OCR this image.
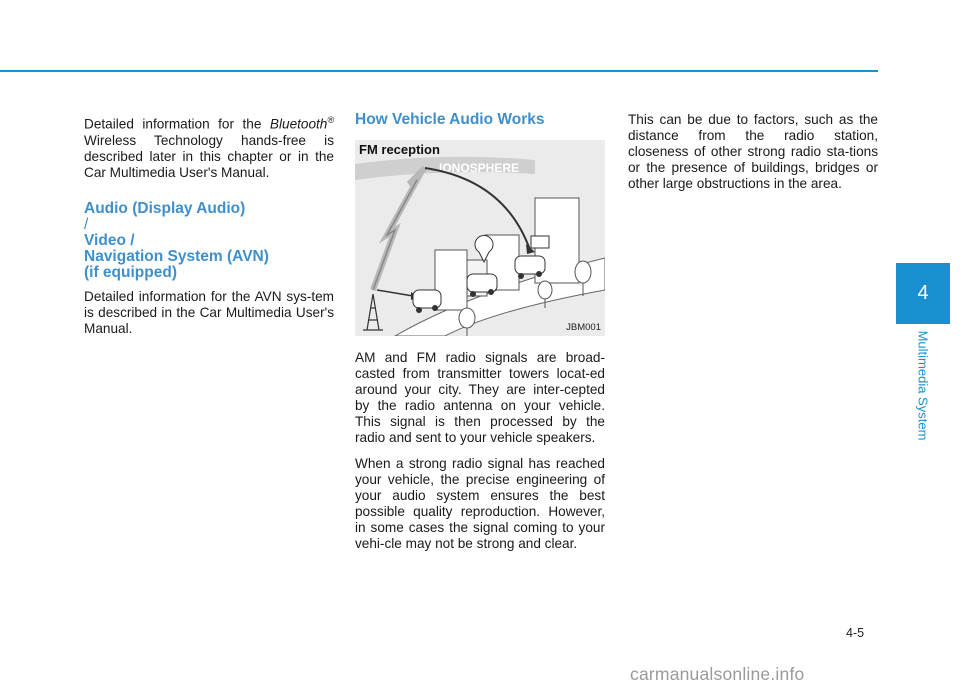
Detailed information for the Bluetooth® Wireless Technology hands-free is described later in this chapter or in the Car Multimedia User's Manual.

Audio (Display Audio)
/
Video /
Navigation System (AVN)
(if equipped)

Detailed information for the AVN sys-tem is described in the Car Multimedia User's Manual.

How Vehicle Audio Works
IONOSPHERE
FM reception
JBM001

AM and FM radio signals are broad-casted from transmitter towers locat-ed around your city. They are inter-cepted by the radio antenna on your vehicle. This signal is then processed by the radio and sent to your vehicle speakers.

When a strong radio signal has reached your vehicle, the precise engineering of your audio system ensures the best possible quality reproduction. However, in some cases the signal coming to your vehi-cle may not be strong and clear.

This can be due to factors, such as the distance from the radio station, closeness of other strong radio sta-tions or the presence of buildings, bridges or other large obstructions in the area.

4
Multimedia System
4-5
carmanualsonline.info
